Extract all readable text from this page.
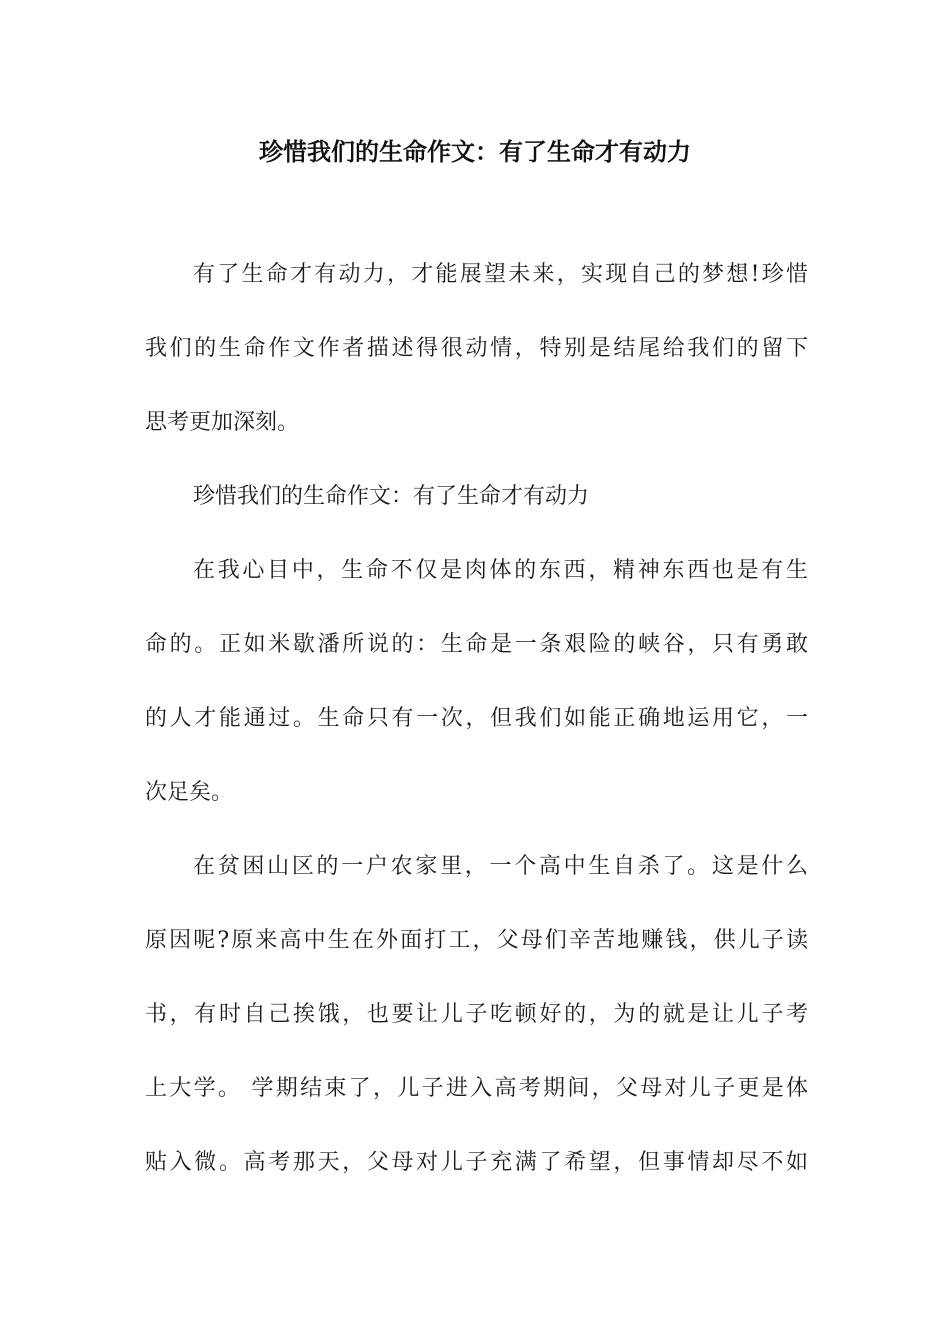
珍惜我们的生命作文：有了生命才有动力
有了生命才有动力，才能展望未来，实现自己的梦想!珍惜
我们的生命作文作者描述得很动情，特别是结尾给我们的留下
思考更加深刻。
珍惜我们的生命作文：有了生命才有动力
在我心目中，生命不仅是肉体的东西，精神东西也是有生
命的。正如米歇潘所说的：生命是一条艰险的峡谷，只有勇敢
的人才能通过。生命只有一次，但我们如能正确地运用它，一
次足矣。
在贫困山区的一户农家里，一个高中生自杀了。这是什么
原因呢?原来高中生在外面打工，父母们辛苦地赚钱，供儿子读
书，有时自己挨饿，也要让儿子吃顿好的，为的就是让儿子考
上大学。 学期结束了，儿子进入高考期间，父母对儿子更是体
贴入微。高考那天，父母对儿子充满了希望，但事情却尽不如
